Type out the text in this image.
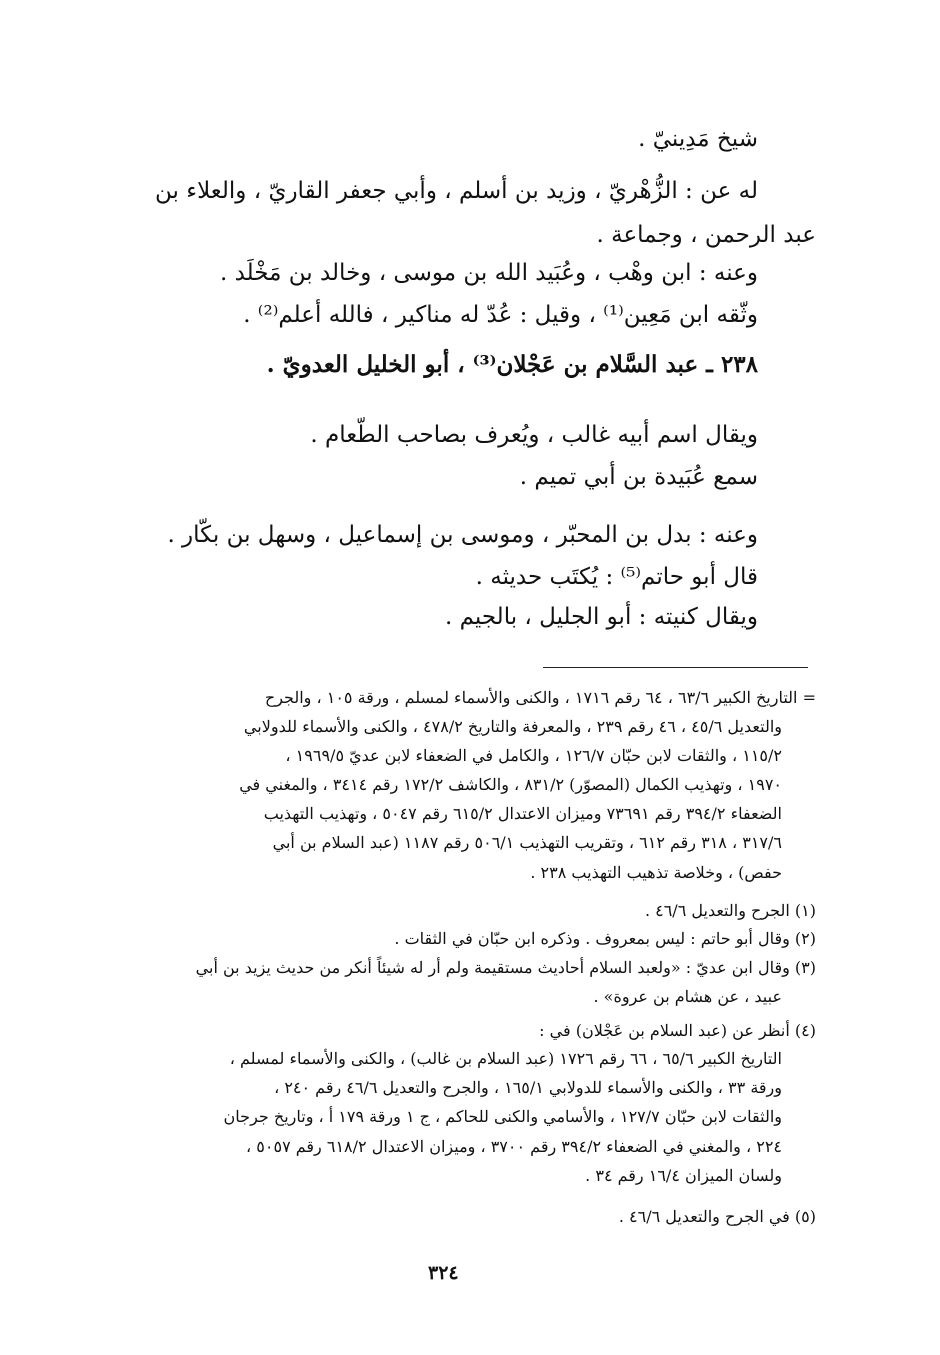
شيخ مَدِينيّ .
له عن : الزُّهْريّ ، وزيد بن أسلم ، وأبي جعفر القاريّ ، والعلاء بن
عبد الرحمن ، وجماعة .
وعنه : ابن وهْب ، وعُبَيد الله بن موسى ، وخالد بن مَخْلَد .
وثّقه ابن مَعِين⁽¹⁾ ، وقيل : عُدّ له مناكير ، فالله أعلم⁽²⁾ .
٢٣٨ ـ عبد السَّلام بن عَجْلان⁽³⁾ ، أبو الخليل العدويّ .
ويقال اسم أبيه غالب ، ويُعرف بصاحب الطّعام .
سمع عُبَيدة بن أبي تميم .
وعنه : بدل بن المحبّر ، وموسى بن إسماعيل ، وسهل بن بكّار .
قال أبو حاتم⁽⁵⁾ : يُكتَب حديثه .
ويقال كنيته : أبو الجليل ، بالجيم .
= التاريخ الكبير ٦٣/٦ ، ٦٤ رقم ١٧١٦ ، والكنى والأسماء لمسلم ، ورقة ١٠٥ ، والجرح
والتعديل ٤٥/٦ ، ٤٦ رقم ٢٣٩ ، والمعرفة والتاريخ ٤٧٨/٢ ، والكنى والأسماء للدولابي
١١٥/٢ ، والثقات لابن حبّان ١٢٦/٧ ، والكامل في الضعفاء لابن عديّ ١٩٦٩/٥ ،
١٩٧٠ ، وتهذيب الكمال (المصوّر) ٨٣١/٢ ، والكاشف ١٧٢/٢ رقم ٣٤١٤ ، والمغني في
الضعفاء ٣٩٤/٢ رقم ٧٣٦٩١ وميزان الاعتدال ٦١٥/٢ رقم ٥٠٤٧ ، وتهذيب التهذيب
٣١٧/٦ ، ٣١٨ رقم ٦١٢ ، وتقريب التهذيب ٥٠٦/١ رقم ١١٨٧ (عبد السلام بن أبي
حفص) ، وخلاصة تذهيب التهذيب ٢٣٨ .
(١) الجرح والتعديل ٤٦/٦ .
(٢) وقال أبو حاتم : ليس بمعروف . وذكره ابن حبّان في الثقات .
(٣) وقال ابن عديّ : «ولعبد السلام أحاديث مستقيمة ولم أر له شيئاً أنكر من حديث يزيد بن أبي
عبيد ، عن هشام بن عروة» .
(٤) أنظر عن (عبد السلام بن عَجْلان) في :
التاريخ الكبير ٦٥/٦ ، ٦٦ رقم ١٧٢٦ (عبد السلام بن غالب) ، والكنى والأسماء لمسلم ،
ورقة ٣٣ ، والكنى والأسماء للدولابي ١٦٥/١ ، والجرح والتعديل ٤٦/٦ رقم ٢٤٠ ،
والثقات لابن حبّان ١٢٧/٧ ، والأسامي والكنى للحاكم ، ج ١ ورقة ١٧٩ أ ، وتاريخ جرجان
٢٢٤ ، والمغني في الضعفاء ٣٩٤/٢ رقم ٣٧٠٠ ، وميزان الاعتدال ٦١٨/٢ رقم ٥٠٥٧ ،
ولسان الميزان ١٦/٤ رقم ٣٤ .
(٥) في الجرح والتعديل ٤٦/٦ .
٣٢٤
